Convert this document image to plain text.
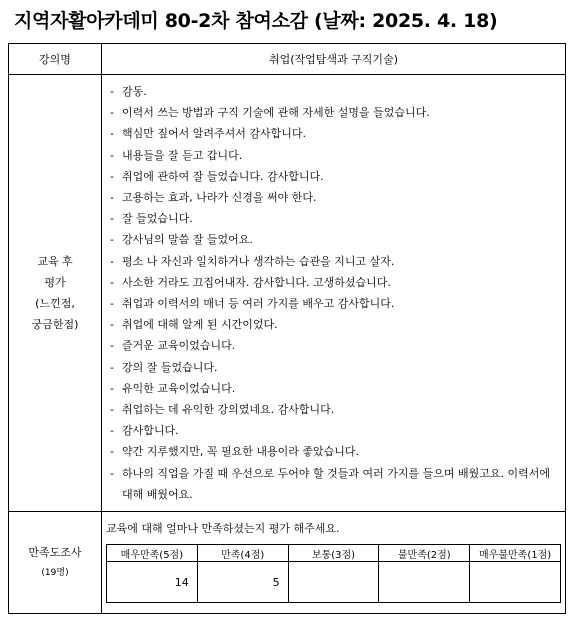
지역자활아카데미 80-2차 참여소감 (날짜: 2025. 4. 18)
강의명	취업(작업탐색과 구직기술)

교육 후
평가
(느낀점,
궁금한점)

- 감동.
- 이력서 쓰는 방법과 구직 기술에 관해 자세한 설명을 들었습니다.
- 핵심만 짚어서 알려주셔서 감사합니다.
- 내용들을 잘 듣고 갑니다.
- 취업에 관하여 잘 들었습니다. 감사합니다.
- 고용하는 효과, 나라가 신경을 써야 한다.
- 잘 들었습니다.
- 강사님의 말씀 잘 들었어요.
- 평소 나 자신과 일치하거나 생각하는 습관을 지니고 살자.
- 사소한 거라도 끄집어내자. 감사합니다. 고생하셨습니다.
- 취업과 이력서의 매너 등 여러 가지를 배우고 감사합니다.
- 취업에 대해 알게 된 시간이었다.
- 즐거운 교육이었습니다.
- 강의 잘 들었습니다.
- 유익한 교육이었습니다.
- 취업하는 데 유익한 강의였네요. 감사합니다.
- 감사합니다.
- 약간 지루했지만, 꼭 필요한 내용이라 좋았습니다.
- 하나의 직업을 가질 때 우선으로 두어야 할 것들과 여러 가지를 들으며 배웠고요. 이력서에 대해 배웠어요.

만족도조사
(19명)

교육에 대해 얼마나 만족하셨는지 평가 해주세요.
매우만족(5점)	만족(4점)	보통(3점)	불만족(2점)	매우불만족(1점)
14	5			
